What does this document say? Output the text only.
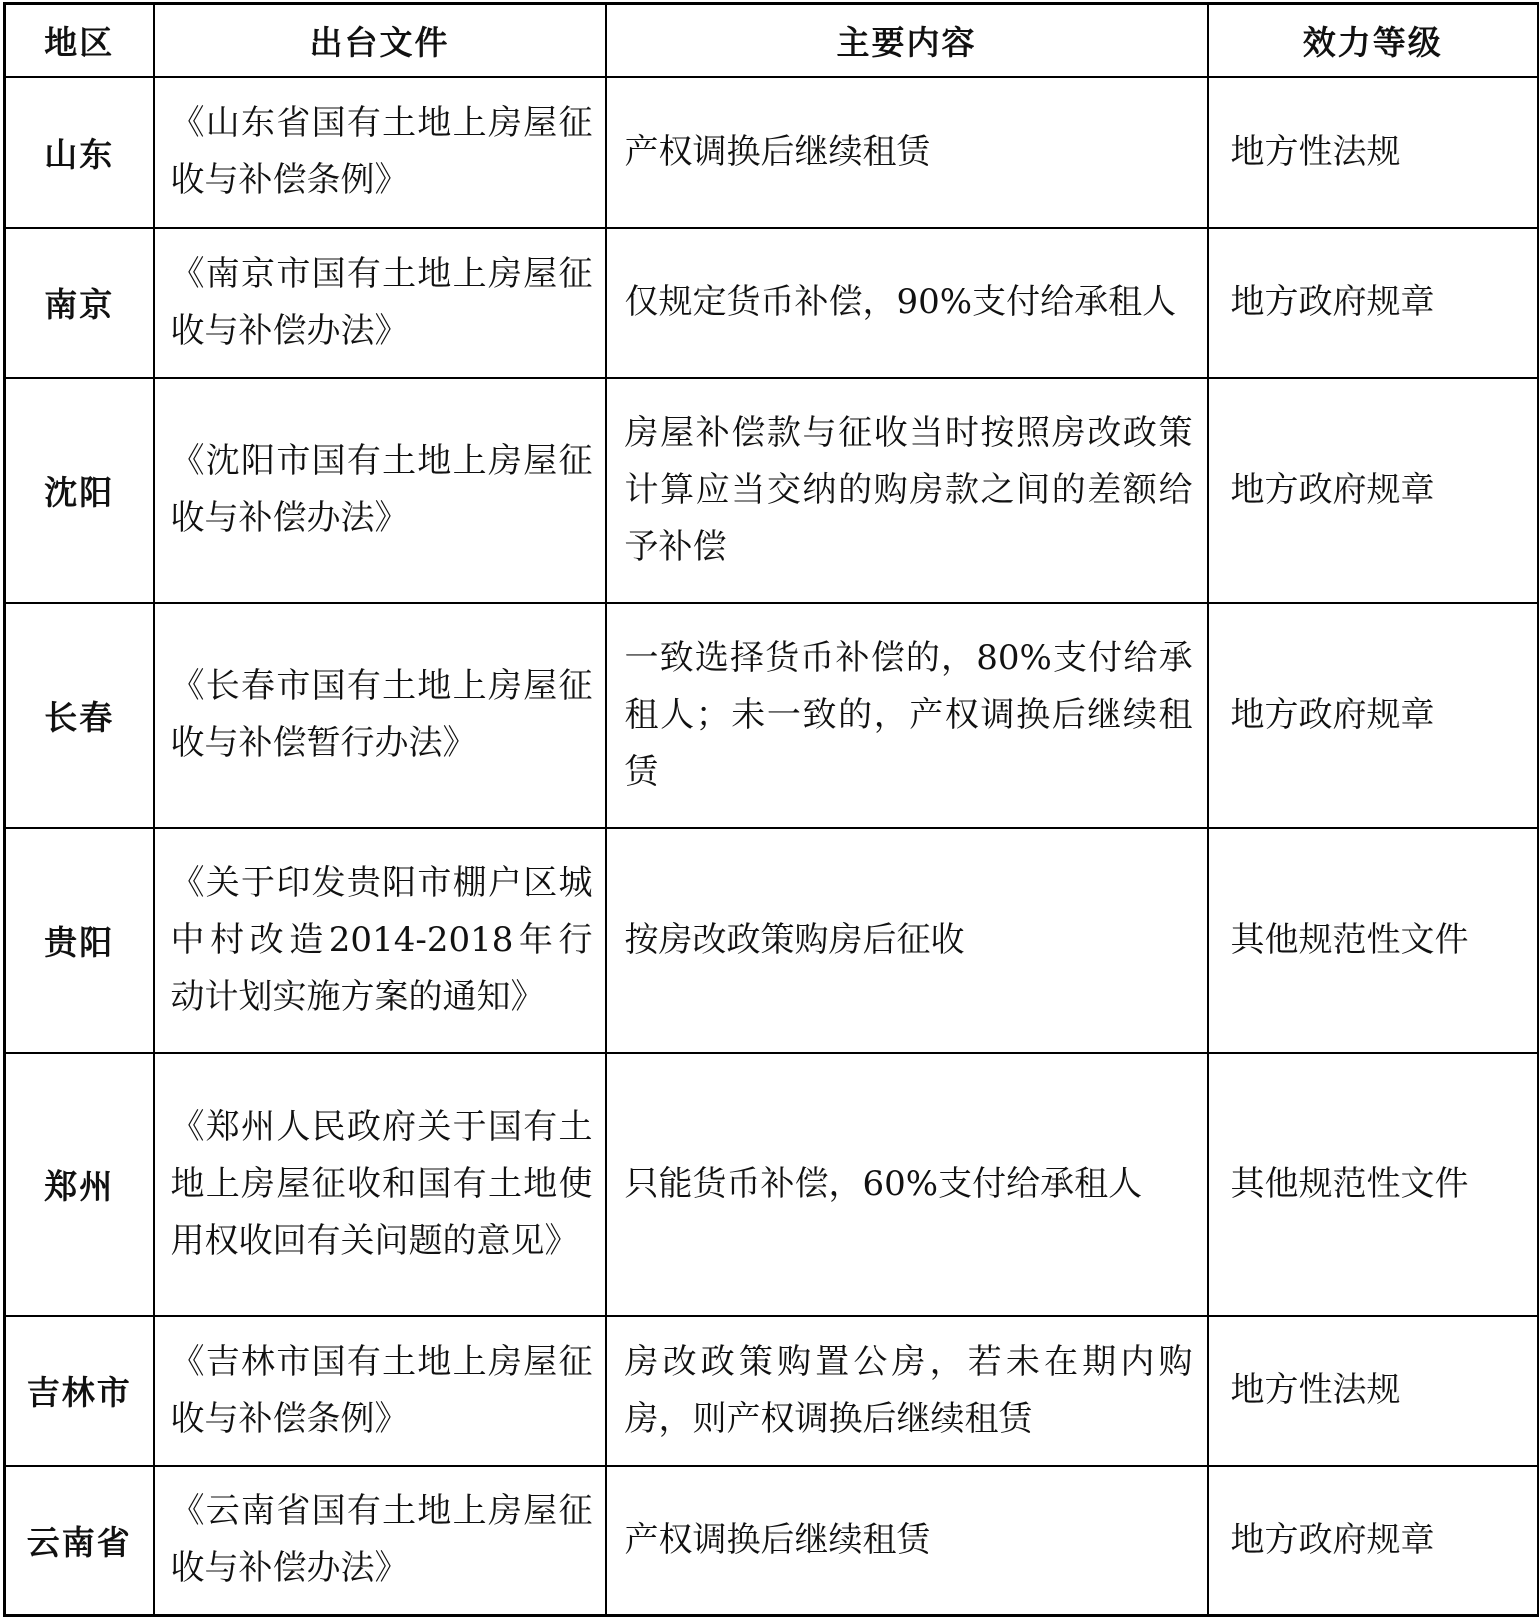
地区	出台文件	主要内容	效力等级
山东	《山东省国有土地上房屋征收与补偿条例》	产权调换后继续租赁	地方性法规
南京	《南京市国有土地上房屋征收与补偿办法》	仅规定货币补偿，90%支付给承租人	地方政府规章
沈阳	《沈阳市国有土地上房屋征收与补偿办法》	房屋补偿款与征收当时按照房改政策计算应当交纳的购房款之间的差额给予补偿	地方政府规章
长春	《长春市国有土地上房屋征收与补偿暂行办法》	一致选择货币补偿的，80%支付给承租人；未一致的，产权调换后继续租赁	地方政府规章
贵阳	《关于印发贵阳市棚户区城中村改造2014-2018年行动计划实施方案的通知》	按房改政策购房后征收	其他规范性文件
郑州	《郑州人民政府关于国有土地上房屋征收和国有土地使用权收回有关问题的意见》	只能货币补偿，60%支付给承租人	其他规范性文件
吉林市	《吉林市国有土地上房屋征收与补偿条例》	房改政策购置公房，若未在期内购房，则产权调换后继续租赁	地方性法规
云南省	《云南省国有土地上房屋征收与补偿办法》	产权调换后继续租赁	地方政府规章
